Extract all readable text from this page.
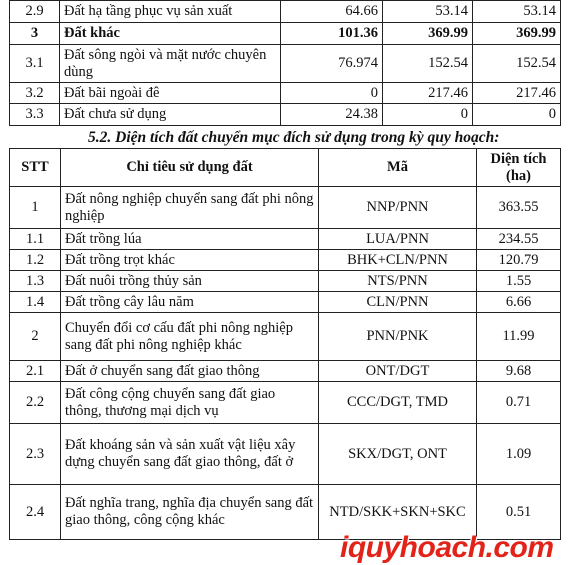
2.9	Đất hạ tầng phục vụ sản xuất	64.66	53.14	53.14
3	Đất khác	101.36	369.99	369.99
3.1	Đất sông ngòi và mặt nước chuyên dùng	76.974	152.54	152.54
3.2	Đất bãi ngoài đê	0	217.46	217.46
3.3	Đất chưa sử dụng	24.38	0	0
5.2. Diện tích đất chuyển mục đích sử dụng trong kỳ quy hoạch:
STT	Chỉ tiêu sử dụng đất	Mã	Diện tích (ha)
1	Đất nông nghiệp chuyển sang đất phi nông nghiệp	NNP/PNN	363.55
1.1	Đất trồng lúa	LUA/PNN	234.55
1.2	Đất trồng trọt khác	BHK+CLN/PNN	120.79
1.3	Đất nuôi trồng thủy sản	NTS/PNN	1.55
1.4	Đất trồng cây lâu năm	CLN/PNN	6.66
2	Chuyển đổi cơ cấu đất phi nông nghiệp sang đất phi nông nghiệp khác	PNN/PNK	11.99
2.1	Đất ở chuyển sang đất giao thông	ONT/DGT	9.68
2.2	Đất công cộng chuyển sang đất giao thông, thương mại dịch vụ	CCC/DGT, TMD	0.71
2.3	Đất khoáng sản và sản xuất vật liệu xây dựng chuyển sang đất giao thông, đất ở	SKX/DGT, ONT	1.09
2.4	Đất nghĩa trang, nghĩa địa chuyển sang đất giao thông, công cộng khác	NTD/SKK+SKN+SKC	0.51
iquyhoach.com
